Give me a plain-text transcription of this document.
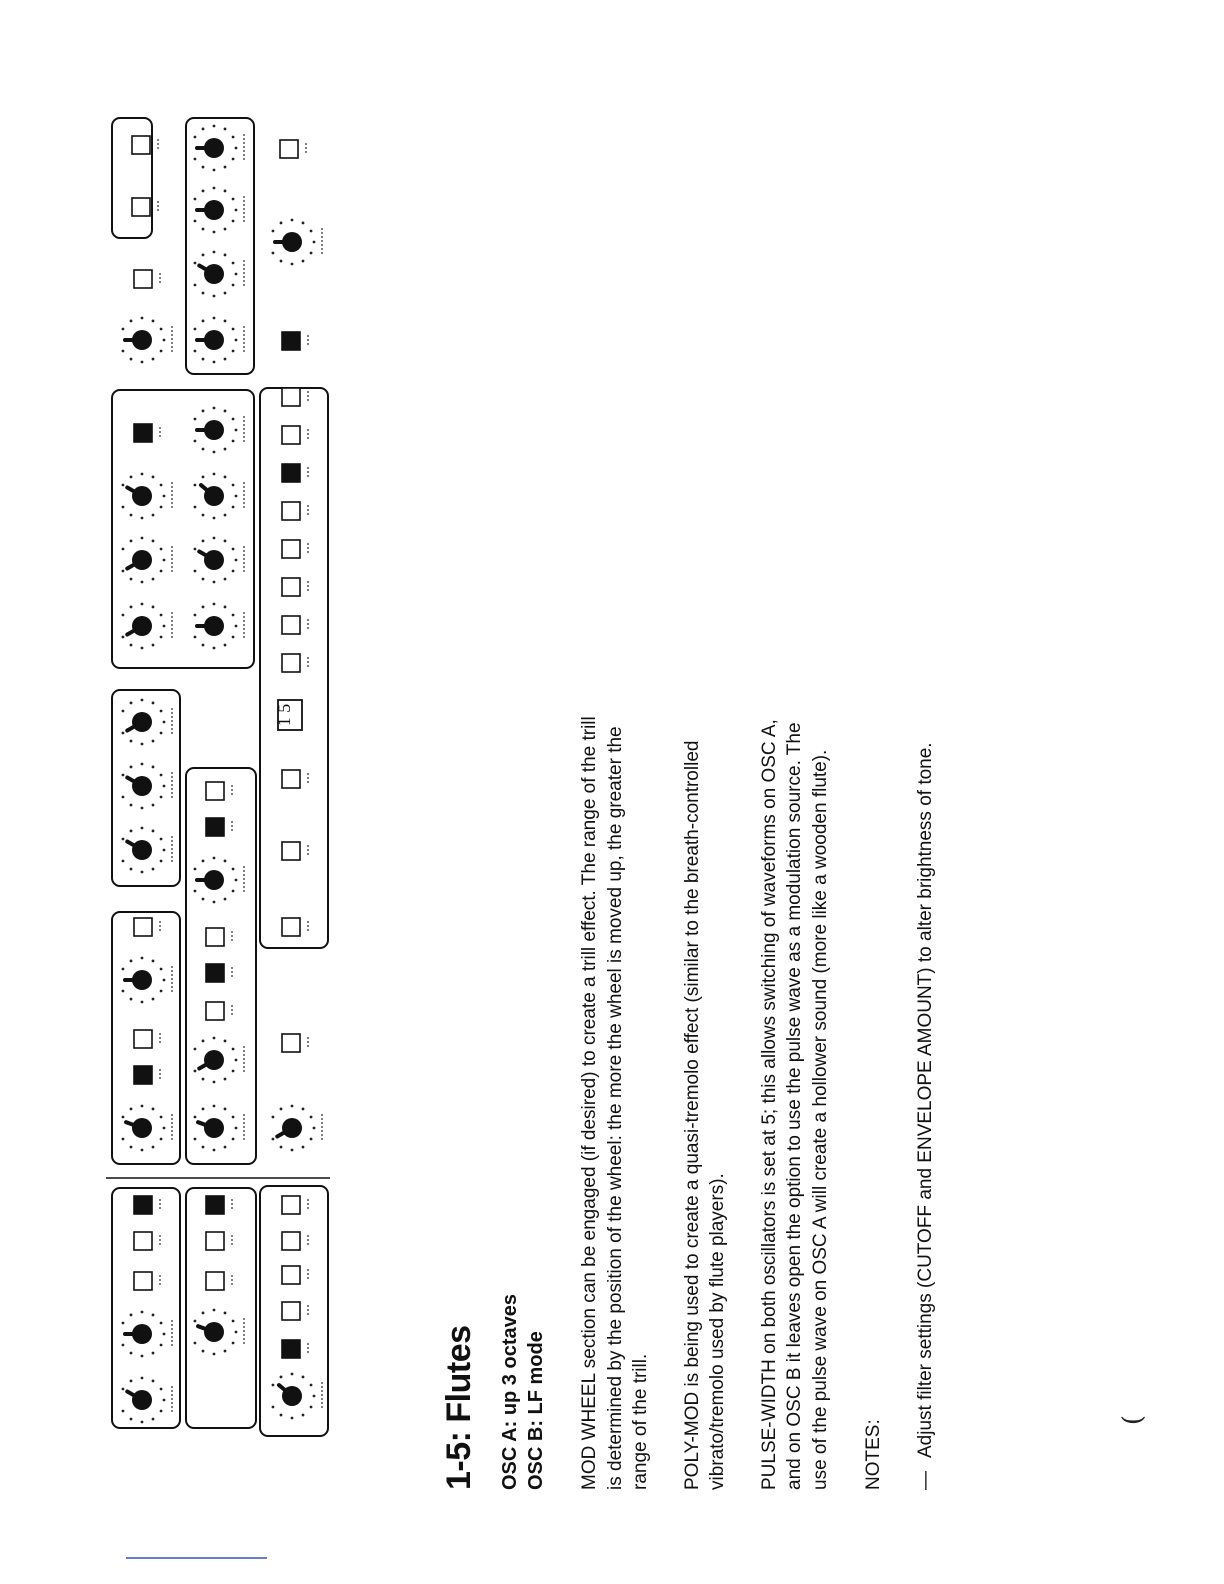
1 5
1-5: Flutes OSC A: up 3 octaves OSC B: LF mode MOD WHEEL section can be engaged (if desired) to create a trill effect. The range of the trill is determined by the position of the wheel: the more the wheel is moved up, the greater the range of the trill. POLY-MOD is being used to create a quasi-tremolo effect (similar to the breath-controlled vibrato/tremolo used by flute players). PULSE-WIDTH on both oscillators is set at 5; this allows switching of waveforms on OSC A, and on OSC B it leaves open the option to use the pulse wave as a modulation source. The use of the pulse wave on OSC A will create a hollower sound (more like a wooden flute). NOTES: —Adjust filter settings (CUTOFF and ENVELOPE AMOUNT) to alter brightness of tone.	(
